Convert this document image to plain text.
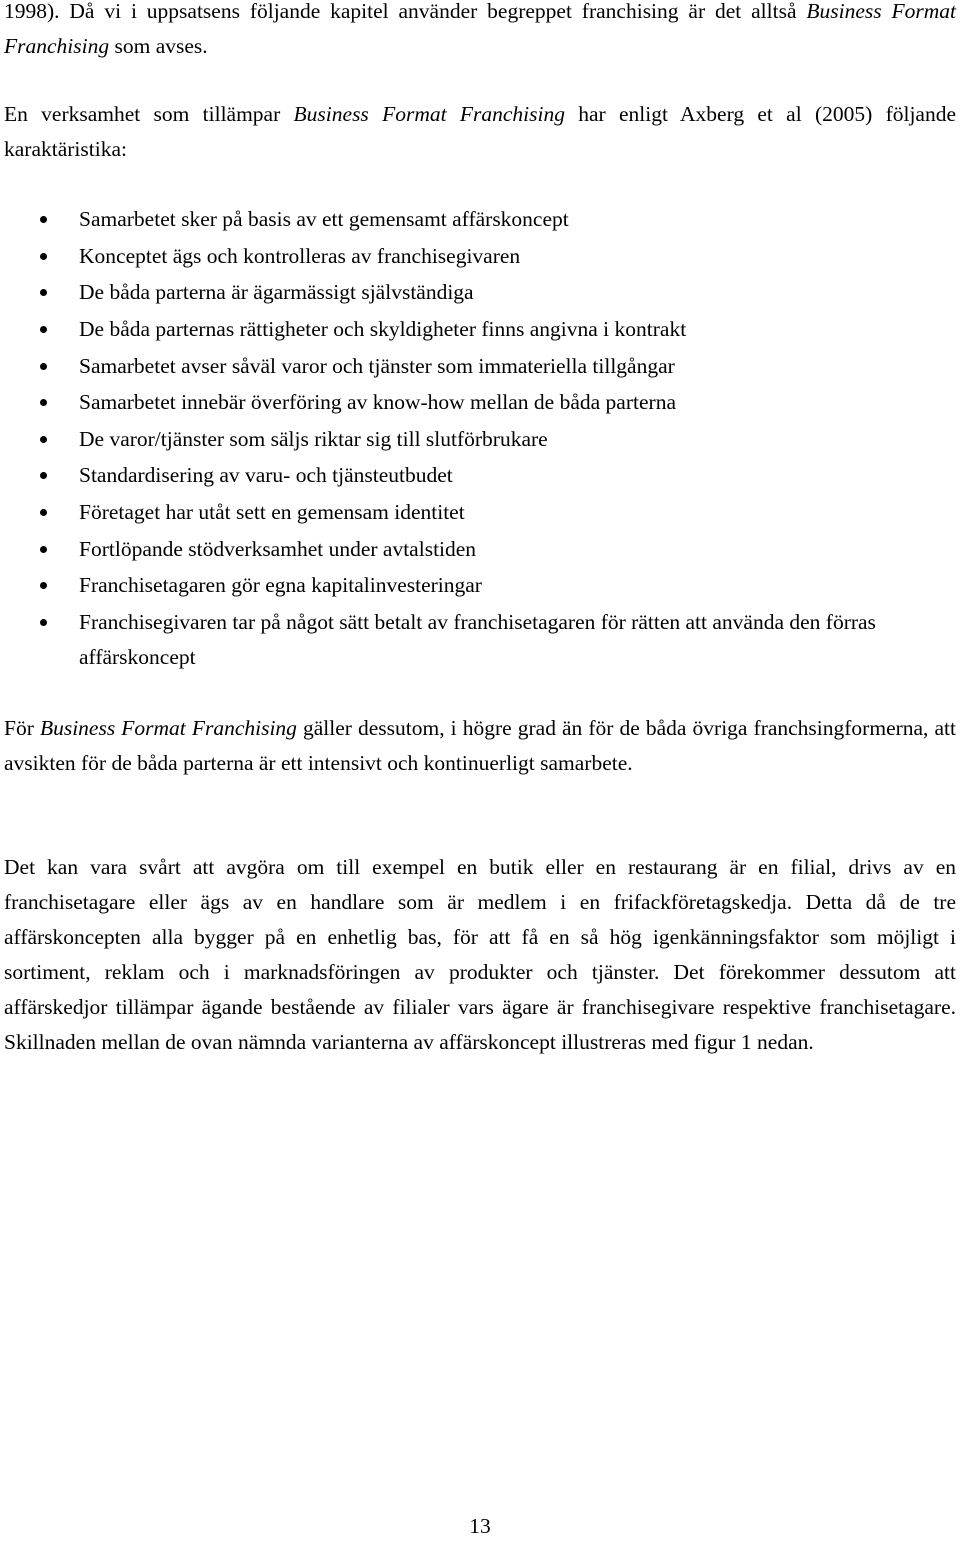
1998). Då vi i uppsatsens följande kapitel använder begreppet franchising är det alltså Business Format Franchising som avses.

En verksamhet som tillämpar Business Format Franchising har enligt Axberg et al (2005) följande karaktäristika:

Samarbetet sker på basis av ett gemensamt affärskoncept
Konceptet ägs och kontrolleras av franchisegivaren
De båda parterna är ägarmässigt självständiga
De båda parternas rättigheter och skyldigheter finns angivna i kontrakt
Samarbetet avser såväl varor och tjänster som immateriella tillgångar
Samarbetet innebär överföring av know-how mellan de båda parterna
De varor/tjänster som säljs riktar sig till slutförbrukare
Standardisering av varu- och tjänsteutbudet
Företaget har utåt sett en gemensam identitet
Fortlöpande stödverksamhet under avtalstiden
Franchisetagaren gör egna kapitalinvesteringar
Franchisegivaren tar på något sätt betalt av franchisetagaren för rätten att använda den förras affärskoncept

För Business Format Franchising gäller dessutom, i högre grad än för de båda övriga franchsingformerna, att avsikten för de båda parterna är ett intensivt och kontinuerligt samarbete.

Det kan vara svårt att avgöra om till exempel en butik eller en restaurang är en filial, drivs av en franchisetagare eller ägs av en handlare som är medlem i en frifackföretagskedja. Detta då de tre affärskoncepten alla bygger på en enhetlig bas, för att få en så hög igenkänningsfaktor som möjligt i sortiment, reklam och i marknadsföringen av produkter och tjänster. Det förekommer dessutom att affärskedjor tillämpar ägande bestående av filialer vars ägare är franchisegivare respektive franchisetagare. Skillnaden mellan de ovan nämnda varianterna av affärskoncept illustreras med figur 1 nedan.

13
